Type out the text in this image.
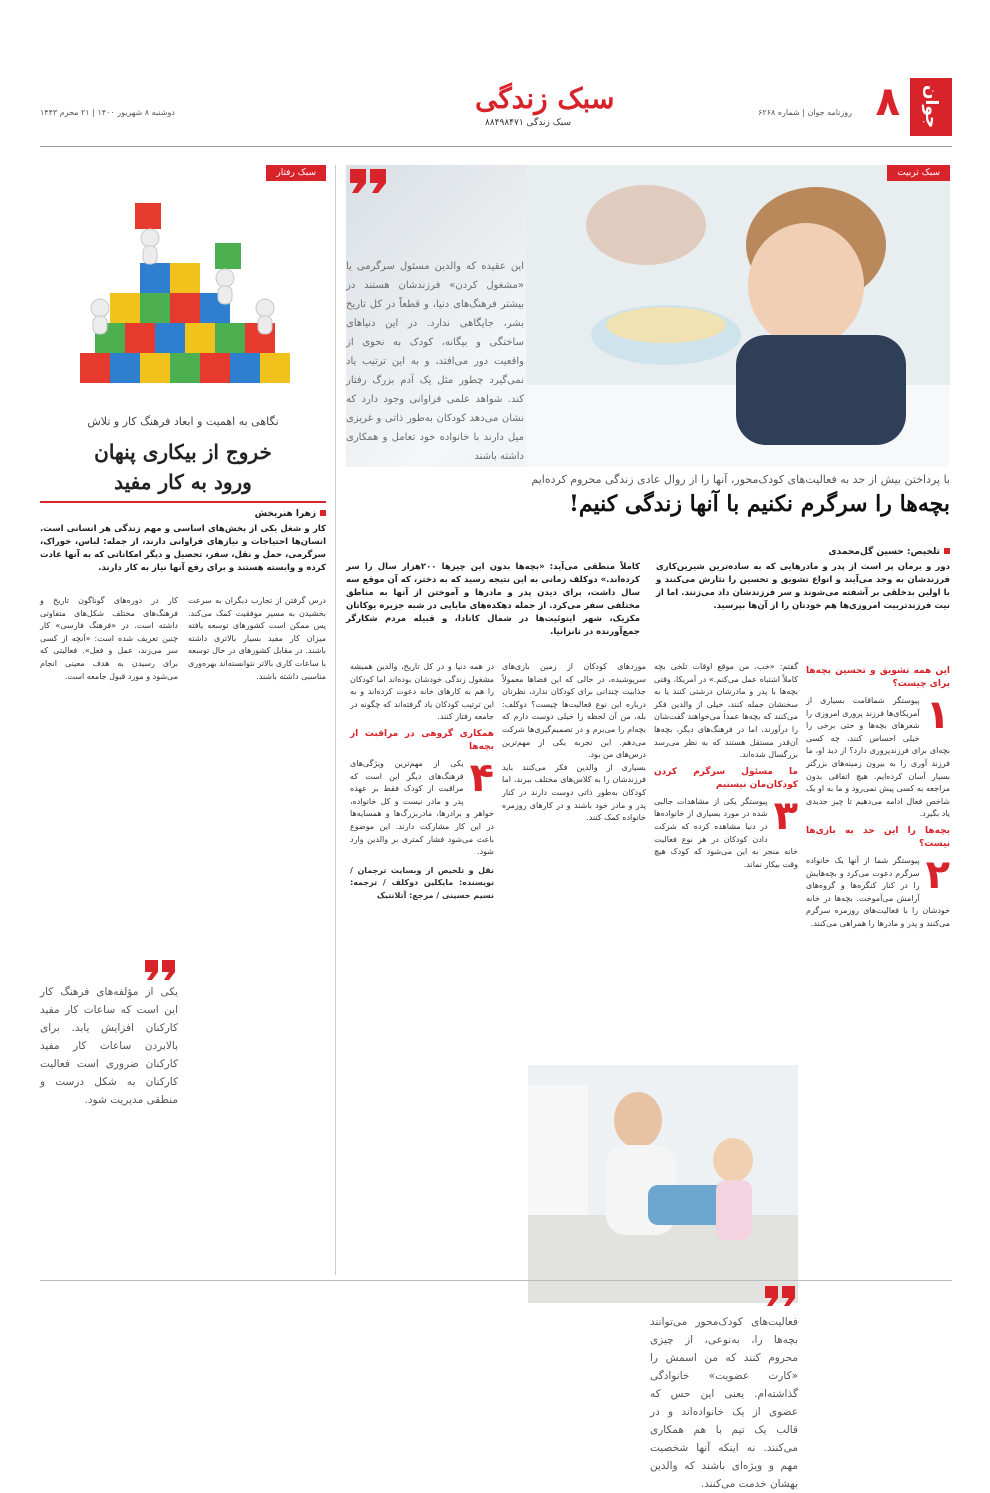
جوان
۸
روزنامه جوان | شماره ۶۲۶۸
سبک زندگی
سبک زندگی ۸۸۴۹۸۴۷۱
دوشنبه ۸ شهریور ۱۴۰۰ | ۲۱ محرم ۱۴۴۳
این عقیده که والدین مسئول سرگرمی یا «مشغول کردن» فرزندشان هستند در بیشتر فرهنگ‌های دنیا، و قطعاً در کل تاریخ بشر، جایگاهی ندارد. در این دنیاهای ساختگی و بیگانه، کودک به نحوی از واقعیت دور می‌افتد، و به این ترتیب یاد نمی‌گیرد چطور مثل یک آدم بزرگ رفتار کند. شواهد علمی فراوانی وجود دارد که نشان می‌دهد کودکان به‌طور ذاتی و غریزی میل دارند با خانواده خود تعامل و همکاری داشته باشند
سبک تربیت
با پرداختن بیش از حد به فعالیت‌های کودک‌محور، آنها را از روال عادی زندگی محروم کرده‌ایم
بچه‌ها را سرگرم نکنیم با آنها زندگی کنیم!
تلخیص: حسین گل‌محمدی
دور و برمان پر است از پدر و مادرهایی که به ساده‌ترین شیرین‌کاری فرزندشان به وجد می‌آیند و انواع تشویق و تحسین را نثارش می‌کنند و با اولین بدخلقی بر آشفته می‌شوند و سر فرزندشان داد می‌زنند. اما از نیت فرزندتربیت امروزی‌ها هم خودتان را از آن‌ها بپرسید.
کاملاً منطقی می‌آید: «بچه‌ها بدون این چیزها ۲۰۰هزار سال را سر کرده‌اند.» دوکلف زمانی به این نتیجه رسید که به دختر، که آن موقع سه سال داشت، برای دیدن پدر و مادرها و آموختن از آنها به مناطق مختلفی سفر می‌کرد. از جمله دهکده‌های مایایی در شبه جزیره یوکاتان مکزیک، شهر اینوئیت‌ها در شمال کانادا، و قبیله مردم شکارگر جمع‌آورنده در تانزانیا.
این همه تشویق و تحسین بچه‌ها برای چیست؟
۱

پیوستگر شماقامت بسیاری از آمریکای‌ها فرزند پروری امروزی را شعرهای بچه‌ها و حتی برخی را خیلی احساس کنند، چه کسی بچه‌ای برای فرزندپروری دارد؟ از دید او، ما فرزند آوری را به بیرون زمینه‌های بزرگتر بسیار آسان کرده‌ایم. هیچ اتفاقی بدون مراجعه به کسی پیش نمی‌رود و ما به او یک شاخص فعال ادامه می‌دهیم تا چیز جدیدی یاد بگیرد.

بچه‌ها را این حد به بازی‌ها نیست؟
۲

پیوستگر شما از آنها یک خانواده سرگرم دعوت می‌کرد و بچه‌هایش را در کنار کنگره‌ها و گروه‌های آرامش می‌آموخت. بچه‌ها در خانه خودشان را با فعالیت‌های روزمره سرگرم می‌کنند و پدر و مادرها را همراهی می‌کنند.

گفتم: «خب، من موقع اوقات تلخی بچه کاملاً اشتباه عمل می‌کنم.» در آمریکا، وقتی بچه‌ها با پدر و مادرشان درشتی کنند یا به سخنشان جمله کنند، خیلی از والدین فکر می‌کنند که بچه‌ها عمداً می‌خواهند گفت‌شان را درآورند، اما در فرهنگ‌های دیگر، بچه‌ها آن‌قدر مستقل هستند که به نظر می‌رسد بزرگسال شده‌اند.

ما مسئول سرگرم کردن کودکان‌مان نیستیم
۳

پیوستگر یکی از مشاهدات جالبی شده در مورد بسیاری از خانواده‌ها در دنیا مشاهده کرده که شرکت دادن کودکان در هر نوع فعالیت خانه منجر به این می‌شود که کودک هیچ وقت بیکار نماند.

موردهای کودکان از زمین بازی‌های سرپوشیده، در حالی که این فضاها معمولاً جذابیت چندانی برای کودکان ندارد، نظرتان درباره این نوع فعالیت‌ها چیست؟ دوکلف: بله، من آن لحظه را خیلی دوست دارم که بچه‌ام را می‌برم و در تصمیم‌گیری‌ها شرکت می‌دهم. این تجربه یکی از مهم‌ترین درس‌های من بود.

بسیاری از والدین فکر می‌کنند باید فرزندشان را به کلاس‌های مختلف ببرند، اما کودکان به‌طور ذاتی دوست دارند در کنار پدر و مادر خود باشند و در کارهای روزمره خانواده کمک کنند.

در همه دنیا و در کل تاریخ، والدین همیشه مشغول زندگی خودشان بوده‌اند اما کودکان را هم به کارهای خانه دعوت کرده‌اند و به این ترتیب کودکان یاد گرفته‌اند که چگونه در جامعه رفتار کنند.

همکاری گروهی در مراقبت از بچه‌ها
۴

یکی از مهم‌ترین ویژگی‌های فرهنگ‌های دیگر این است که مراقبت از کودک فقط بر عهده پدر و مادر نیست و کل خانواده، خواهر و برادرها، مادربزرگ‌ها و همسایه‌ها در این کار مشارکت دارند. این موضوع باعث می‌شود فشار کمتری بر والدین وارد شود.

نقل و تلخیص از وبسایت ترجمان / نویسنده: مایکلین دوکلف / ترجمه: نسیم حسینی / مرجع: آتلانتیک

فعالیت‌های کودک‌محور می‌توانند بچه‌ها را، به‌نوعی، از چیزی محروم کنند که من اسمش را «کارت عضویت» خانوادگی گذاشته‌ام. یعنی این حس که عضوی از یک خانواده‌اند و در قالب یک تیم با هم همکاری می‌کنند. نه اینکه آنها شخصیت مهم و ویژه‌ای باشند که والدین بهشان خدمت می‌کنند.
سبک رفتار
نگاهی به اهمیت و ابعاد فرهنگ کار و تلاش
خروج از بیکاری پنهان
ورود به کار مفید
زهرا هنربخش
کار و شغل یکی از بخش‌های اساسی و مهم زندگی هر انسانی است. انسان‌ها احتیاجات و نیازهای فراوانی دارند، از جمله: لباس، خوراک، سرگرمی، حمل و نقل، سفر، تحصیل و دیگر امکاناتی که به آنها عادت کرده و وابسته هستند و برای رفع آنها نیاز به کار دارند.
درس گرفتن از تجارب دیگران به سرعت بخشیدن به مسیر موفقیت کمک می‌کند. پس ممکن است کشورهای توسعه یافته میزان کار مفید بسیار بالاتری داشته باشند. در مقابل کشورهای در حال توسعه با ساعات کاری بالاتر نتوانسته‌اند بهره‌وری مناسبی داشته باشند.
کار در دوره‌های گوناگون تاریخ و فرهنگ‌های مختلف شکل‌های متفاوتی داشته است. در «فرهنگ فارسی» کار چنین تعریف شده است: «آنچه از کسی سر می‌زند، عمل و فعل». فعالیتی که برای رسیدن به هدف معینی انجام می‌شود و مورد قبول جامعه است.
یکی از مؤلفه‌های فرهنگ کار این است که ساعات کار مفید کارکنان افزایش یابد. برای بالابردن ساعات کار مفید کارکنان ضروری است فعالیت کارکنان به شکل درست و منطقی مدیریت شود.
